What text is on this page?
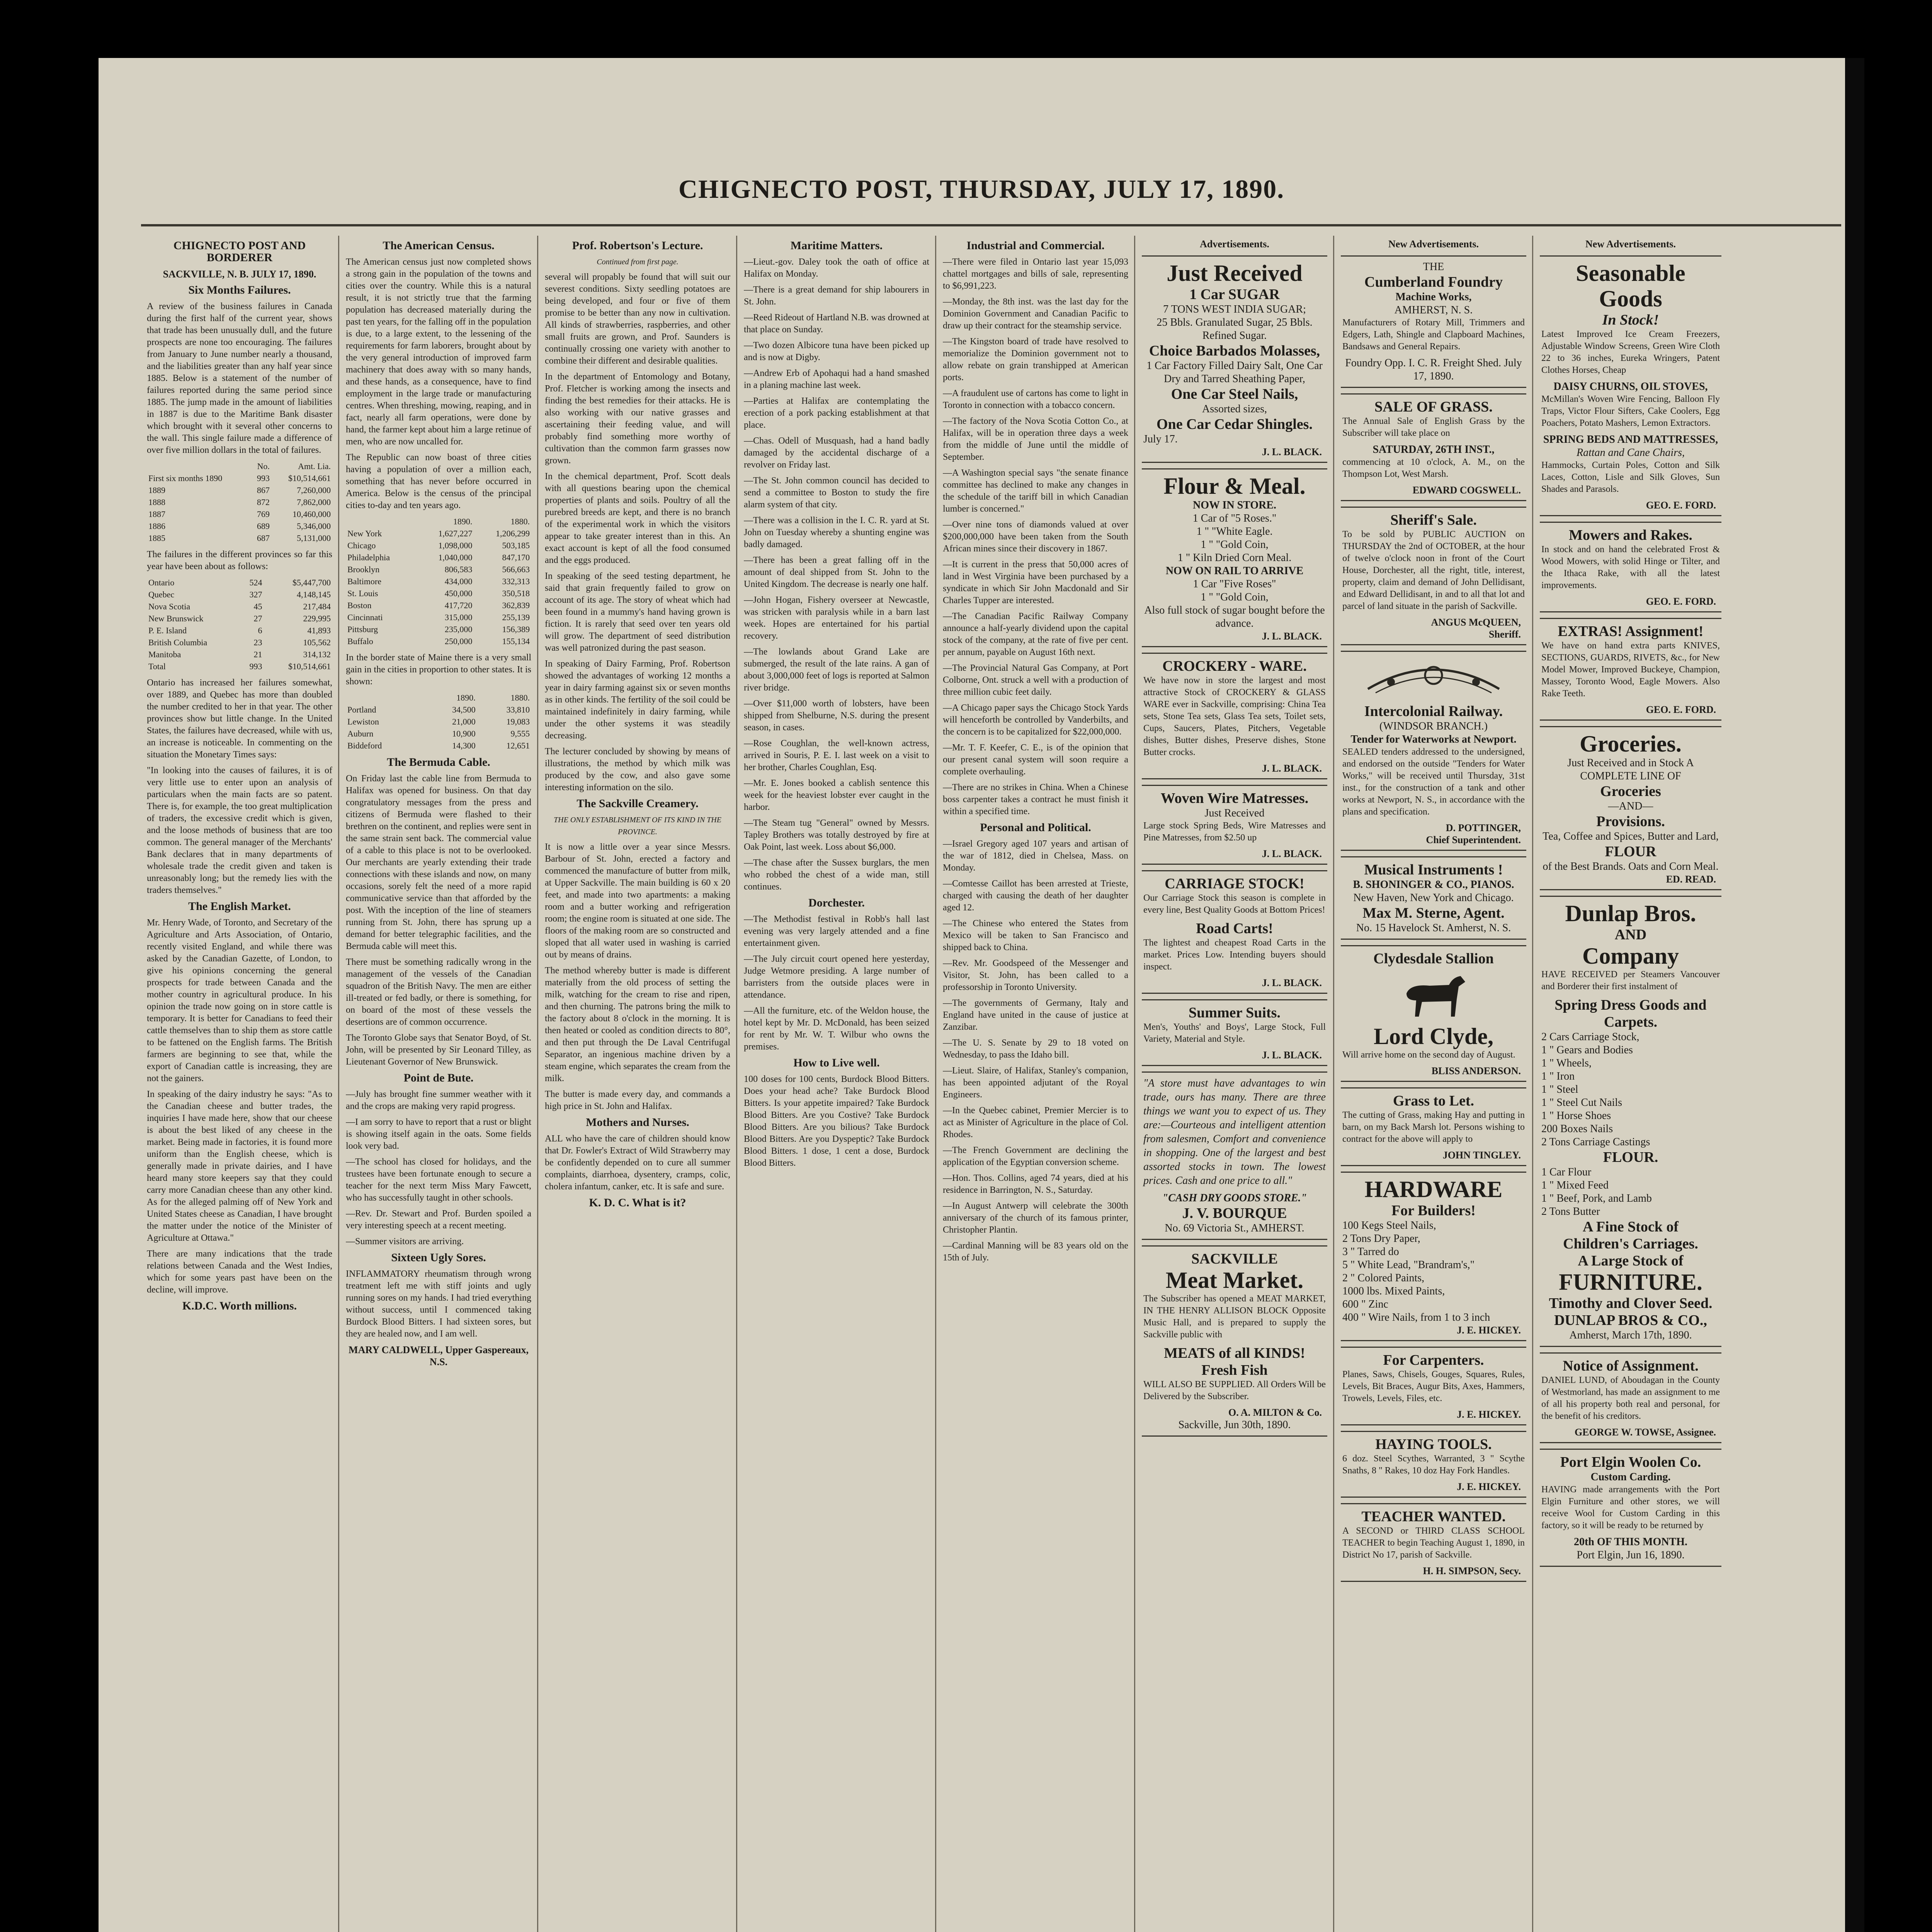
CHIGNECTO POST, THURSDAY, JULY 17, 1890.
CHIGNECTO POST AND BORDERER
SACKVILLE, N. B. JULY 17, 1890.
Six Months Failures.

A review of the business failures in Canada during the first half of the current year, shows that trade has been unusually dull, and the future prospects are none too encouraging. The failures from January to June number nearly a thousand, and the liabilities greater than any half year since 1885. Below is a statement of the number of failures reported during the same period since 1885. The jump made in the amount of liabilities in 1887 is due to the Maritime Bank disaster which brought with it several other concerns to the wall. This single failure made a difference of over five million dollars in the total of failures.

	No.	Amt. Lia.
First six months 1890	993	$10,514,661
1889	867	7,260,000
1888	872	7,862,000
1887	769	10,460,000
1886	689	5,346,000
1885	687	5,131,000

The failures in the different provinces so far this year have been about as follows:

Ontario	524	$5,447,700
Quebec	327	4,148,145
Nova Scotia	45	217,484
New Brunswick	27	229,995
P. E. Island	6	41,893
British Columbia	23	105,562
Manitoba	21	314,132
Total	993	$10,514,661

Ontario has increased her failures somewhat, over 1889, and Quebec has more than doubled the number credited to her in that year. The other provinces show but little change. In the United States, the failures have decreased, while with us, an increase is noticeable. In commenting on the situation the Monetary Times says:

"In looking into the causes of failures, it is of very little use to enter upon an analysis of particulars when the main facts are so patent. There is, for example, the too great multiplication of traders, the excessive credit which is given, and the loose methods of business that are too common. The general manager of the Merchants' Bank declares that in many departments of wholesale trade the credit given and taken is unreasonably long; but the remedy lies with the traders themselves."

The English Market.

Mr. Henry Wade, of Toronto, and Secretary of the Agriculture and Arts Association, of Ontario, recently visited England, and while there was asked by the Canadian Gazette, of London, to give his opinions concerning the general prospects for trade between Canada and the mother country in agricultural produce. In his opinion the trade now going on in store cattle is temporary. It is better for Canadians to feed their cattle themselves than to ship them as store cattle to be fattened on the English farms. The British farmers are beginning to see that, while the export of Canadian cattle is increasing, they are not the gainers.

In speaking of the dairy industry he says: "As to the Canadian cheese and butter trades, the inquiries I have made here, show that our cheese is about the best liked of any cheese in the market. Being made in factories, it is found more uniform than the English cheese, which is generally made in private dairies, and I have heard many store keepers say that they could carry more Canadian cheese than any other kind. As for the alleged palming off of New York and United States cheese as Canadian, I have brought the matter under the notice of the Minister of Agriculture at Ottawa."

There are many indications that the trade relations between Canada and the West Indies, which for some years past have been on the decline, will improve.

K.D.C. Worth millions.
The American Census.

The American census just now completed shows a strong gain in the population of the towns and cities over the country. While this is a natural result, it is not strictly true that the farming population has decreased materially during the past ten years, for the falling off in the population is due, to a large extent, to the lessening of the requirements for farm laborers, brought about by the very general introduction of improved farm machinery that does away with so many hands, and these hands, as a consequence, have to find employment in the large trade or manufacturing centres. When threshing, mowing, reaping, and in fact, nearly all farm operations, were done by hand, the farmer kept about him a large retinue of men, who are now uncalled for.

The Republic can now boast of three cities having a population of over a million each, something that has never before occurred in America. Below is the census of the principal cities to-day and ten years ago.

	1890.	1880.
New York	1,627,227	1,206,299
Chicago	1,098,000	503,185
Philadelphia	1,040,000	847,170
Brooklyn	806,583	566,663
Baltimore	434,000	332,313
St. Louis	450,000	350,518
Boston	417,720	362,839
Cincinnati	315,000	255,139
Pittsburg	235,000	156,389
Buffalo	250,000	155,134

In the border state of Maine there is a very small gain in the cities in proportion to other states. It is shown:

	1890.	1880.
Portland	34,500	33,810
Lewiston	21,000	19,083
Auburn	10,900	9,555
Biddeford	14,300	12,651
The Bermuda Cable.

On Friday last the cable line from Bermuda to Halifax was opened for business. On that day congratulatory messages from the press and citizens of Bermuda were flashed to their brethren on the continent, and replies were sent in the same strain sent back. The commercial value of a cable to this place is not to be overlooked. Our merchants are yearly extending their trade connections with these islands and now, on many occasions, sorely felt the need of a more rapid communicative service than that afforded by the post. With the inception of the line of steamers running from St. John, there has sprung up a demand for better telegraphic facilities, and the Bermuda cable will meet this.

There must be something radically wrong in the management of the vessels of the Canadian squadron of the British Navy. The men are either ill-treated or fed badly, or there is something, for on board of the most of these vessels the desertions are of common occurrence.

The Toronto Globe says that Senator Boyd, of St. John, will be presented by Sir Leonard Tilley, as Lieutenant Governor of New Brunswick.

Point de Bute.

—July has brought fine summer weather with it and the crops are making very rapid progress.

—I am sorry to have to report that a rust or blight is showing itself again in the oats. Some fields look very bad.

—The school has closed for holidays, and the trustees have been fortunate enough to secure a teacher for the next term Miss Mary Fawcett, who has successfully taught in other schools.

—Rev. Dr. Stewart and Prof. Burden spoiled a very interesting speech at a recent meeting.

—Summer visitors are arriving.

Sixteen Ugly Sores.

INFLAMMATORY rheumatism through wrong treatment left me with stiff joints and ugly running sores on my hands. I had tried everything without success, until I commenced taking Burdock Blood Bitters. I had sixteen sores, but they are healed now, and I am well.

MARY CALDWELL, Upper Gaspereaux, N.S.
Prof. Robertson's Lecture.
Continued from first page.

several will propably be found that will suit our severest conditions. Sixty seedling potatoes are being developed, and four or five of them promise to be better than any now in cultivation. All kinds of strawberries, raspberries, and other small fruits are grown, and Prof. Saunders is continually crossing one variety with another to combine their different and desirable qualities.

In the department of Entomology and Botany, Prof. Fletcher is working among the insects and finding the best remedies for their attacks. He is also working with our native grasses and ascertaining their feeding value, and will probably find something more worthy of cultivation than the common farm grasses now grown.

In the chemical department, Prof. Scott deals with all questions bearing upon the chemical properties of plants and soils. Poultry of all the purebred breeds are kept, and there is no branch of the experimental work in which the visitors appear to take greater interest than in this. An exact account is kept of all the food consumed and the eggs produced.

In speaking of the seed testing department, he said that grain frequently failed to grow on account of its age. The story of wheat which had been found in a mummy's hand having grown is fiction. It is rarely that seed over ten years old will grow. The department of seed distribution was well patronized during the past season.

In speaking of Dairy Farming, Prof. Robertson showed the advantages of working 12 months a year in dairy farming against six or seven months as in other kinds. The fertility of the soil could be maintained indefinitely in dairy farming, while under the other systems it was steadily decreasing.

The lecturer concluded by showing by means of illustrations, the method by which milk was produced by the cow, and also gave some interesting information on the silo.

The Sackville Creamery.
THE ONLY ESTABLISHMENT OF ITS KIND IN THE PROVINCE.

It is now a little over a year since Messrs. Barbour of St. John, erected a factory and commenced the manufacture of butter from milk, at Upper Sackville. The main building is 60 x 20 feet, and made into two apartments: a making room and a butter working and refrigeration room; the engine room is situated at one side. The floors of the making room are so constructed and sloped that all water used in washing is carried out by means of drains.

The method whereby butter is made is different materially from the old process of setting the milk, watching for the cream to rise and ripen, and then churning. The patrons bring the milk to the factory about 8 o'clock in the morning. It is then heated or cooled as condition directs to 80°, and then put through the De Laval Centrifugal Separator, an ingenious machine driven by a steam engine, which separates the cream from the milk.

The butter is made every day, and commands a high price in St. John and Halifax.

Mothers and Nurses.

ALL who have the care of children should know that Dr. Fowler's Extract of Wild Strawberry may be confidently depended on to cure all summer complaints, diarrhoea, dysentery, cramps, colic, cholera infantum, canker, etc. It is safe and sure.

K. D. C. What is it?
Maritime Matters.

—Lieut.-gov. Daley took the oath of office at Halifax on Monday.

—There is a great demand for ship labourers in St. John.

—Reed Rideout of Hartland N.B. was drowned at that place on Sunday.

—Two dozen Albicore tuna have been picked up and is now at Digby.

—Andrew Erb of Apohaqui had a hand smashed in a planing machine last week.

—Parties at Halifax are contemplating the erection of a pork packing establishment at that place.

—Chas. Odell of Musquash, had a hand badly damaged by the accidental discharge of a revolver on Friday last.

—The St. John common council has decided to send a committee to Boston to study the fire alarm system of that city.

—There was a collision in the I. C. R. yard at St. John on Tuesday whereby a shunting engine was badly damaged.

—There has been a great falling off in the amount of deal shipped from St. John to the United Kingdom. The decrease is nearly one half.

—John Hogan, Fishery overseer at Newcastle, was stricken with paralysis while in a barn last week. Hopes are entertained for his partial recovery.

—The lowlands about Grand Lake are submerged, the result of the late rains. A gan of about 3,000,000 feet of logs is reported at Salmon river bridge.

—Over $11,000 worth of lobsters, have been shipped from Shelburne, N.S. during the present season, in cases.

—Rose Coughlan, the well-known actress, arrived in Souris, P. E. I. last week on a visit to her brother, Charles Coughlan, Esq.

—Mr. E. Jones booked a cablish sentence this week for the heaviest lobster ever caught in the harbor.

—The Steam tug "General" owned by Messrs. Tapley Brothers was totally destroyed by fire at Oak Point, last week. Loss about $6,000.

—The chase after the Sussex burglars, the men who robbed the chest of a wide man, still continues.

Dorchester.

—The Methodist festival in Robb's hall last evening was very largely attended and a fine entertainment given.

—The July circuit court opened here yesterday, Judge Wetmore presiding. A large number of barristers from the outside places were in attendance.

—All the furniture, etc. of the Weldon house, the hotel kept by Mr. D. McDonald, has been seized for rent by Mr. W. T. Wilbur who owns the premises.

How to Live well.

100 doses for 100 cents, Burdock Blood Bitters. Does your head ache? Take Burdock Blood Bitters. Is your appetite impaired? Take Burdock Blood Bitters. Are you Costive? Take Burdock Blood Bitters. Are you bilious? Take Burdock Blood Bitters. Are you Dyspeptic? Take Burdock Blood Bitters. 1 dose, 1 cent a dose, Burdock Blood Bitters.

Industrial and Commercial.

—There were filed in Ontario last year 15,093 chattel mortgages and bills of sale, representing to $6,991,223.

—Monday, the 8th inst. was the last day for the Dominion Government and Canadian Pacific to draw up their contract for the steamship service.

—The Kingston board of trade have resolved to memorialize the Dominion government not to allow rebate on grain transhipped at American ports.

—A fraudulent use of cartons has come to light in Toronto in connection with a tobacco concern.

—The factory of the Nova Scotia Cotton Co., at Halifax, will be in operation three days a week from the middle of June until the middle of September.

—A Washington special says "the senate finance committee has declined to make any changes in the schedule of the tariff bill in which Canadian lumber is concerned."

—Over nine tons of diamonds valued at over $200,000,000 have been taken from the South African mines since their discovery in 1867.

—It is current in the press that 50,000 acres of land in West Virginia have been purchased by a syndicate in which Sir John Macdonald and Sir Charles Tupper are interested.

—The Canadian Pacific Railway Company announce a half-yearly dividend upon the capital stock of the company, at the rate of five per cent. per annum, payable on August 16th next.

—The Provincial Natural Gas Company, at Port Colborne, Ont. struck a well with a production of three million cubic feet daily.

—A Chicago paper says the Chicago Stock Yards will henceforth be controlled by Vanderbilts, and the concern is to be capitalized for $22,000,000.

—Mr. T. F. Keefer, C. E., is of the opinion that our present canal system will soon require a complete overhauling.

—There are no strikes in China. When a Chinese boss carpenter takes a contract he must finish it within a specified time.

Personal and Political.

—Israel Gregory aged 107 years and artisan of the war of 1812, died in Chelsea, Mass. on Monday.

—Comtesse Caillot has been arrested at Trieste, charged with causing the death of her daughter aged 12.

—The Chinese who entered the States from Mexico will be taken to San Francisco and shipped back to China.

—Rev. Mr. Goodspeed of the Messenger and Visitor, St. John, has been called to a professorship in Toronto University.

—The governments of Germany, Italy and England have united in the cause of justice at Zanzibar.

—The U. S. Senate by 29 to 18 voted on Wednesday, to pass the Idaho bill.

—Lieut. Slaire, of Halifax, Stanley's companion, has been appointed adjutant of the Royal Engineers.

—In the Quebec cabinet, Premier Mercier is to act as Minister of Agriculture in the place of Col. Rhodes.

—The French Government are declining the application of the Egyptian conversion scheme.

—Hon. Thos. Collins, aged 74 years, died at his residence in Barrington, N. S., Saturday.

—In August Antwerp will celebrate the 300th anniversary of the church of its famous printer, Christopher Plantin.

—Cardinal Manning will be 83 years old on the 15th of July.

Advertisements.
Just Received
1 Car SUGAR
7 TONS WEST INDIA SUGAR;
25 Bbls. Granulated Sugar, 25 Bbls. Refined Sugar.
Choice Barbados Molasses,
1 Car Factory Filled Dairy Salt, One Car Dry and Tarred Sheathing Paper,
One Car Steel Nails,
Assorted sizes,
One Car Cedar Shingles.
July 17.
J. L. BLACK.
Flour & Meal.
NOW IN STORE.
1 Car of "5 Roses."
1 " "White Eagle.
1 " "Gold Coin,
1 " Kiln Dried Corn Meal.
NOW ON RAIL TO ARRIVE
1 Car "Five Roses"
1 " "Gold Coin,
Also full stock of sugar bought before the advance.
J. L. BLACK.
CROCKERY - WARE.

We have now in store the largest and most attractive Stock of CROCKERY & GLASS WARE ever in Sackville, comprising: China Tea sets, Stone Tea sets, Glass Tea sets, Toilet sets, Cups, Saucers, Plates, Pitchers, Vegetable dishes, Butter dishes, Preserve dishes, Stone Butter crocks.

J. L. BLACK.
Woven Wire Matresses.
Just Received

Large stock Spring Beds, Wire Matresses and Pine Matresses, from $2.50 up

J. L. BLACK.
CARRIAGE STOCK!

Our Carriage Stock this season is complete in every line, Best Quality Goods at Bottom Prices!

Road Carts!

The lightest and cheapest Road Carts in the market. Prices Low. Intending buyers should inspect.

J. L. BLACK.
Summer Suits.

Men's, Youths' and Boys', Large Stock, Full Variety, Material and Style.

J. L. BLACK.

"A store must have advantages to win trade, ours has many. There are three things we want you to expect of us. They are:—Courteous and intelligent attention from salesmen, Comfort and convenience in shopping. One of the largest and best assorted stocks in town. The lowest prices. Cash and one price to all."

"CASH DRY GOODS STORE."
J. V. BOURQUE
No. 69 Victoria St., AMHERST.
SACKVILLE
Meat Market.

The Subscriber has opened a MEAT MARKET, IN THE HENRY ALLISON BLOCK Opposite Music Hall, and is prepared to supply the Sackville public with

MEATS of all KINDS!
Fresh Fish

WILL ALSO BE SUPPLIED. All Orders Will be Delivered by the Subscriber.

O. A. MILTON & Co.
Sackville, Jun 30th, 1890.
New Advertisements.
THE
Cumberland Foundry
Machine Works,
AMHERST, N. S.

Manufacturers of Rotary Mill, Trimmers and Edgers, Lath, Shingle and Clapboard Machines, Bandsaws and General Repairs.

Foundry Opp. I. C. R. Freight Shed. July 17, 1890.
SALE OF GRASS.

The Annual Sale of English Grass by the Subscriber will take place on

SATURDAY, 26TH INST.,

commencing at 10 o'clock, A. M., on the Thompson Lot, West Marsh.

EDWARD COGSWELL.
Sheriff's Sale.

To be sold by PUBLIC AUCTION on THURSDAY the 2nd of OCTOBER, at the hour of twelve o'clock noon in front of the Court House, Dorchester, all the right, title, interest, property, claim and demand of John Dellidisant, and Edward Dellidisant, in and to all that lot and parcel of land situate in the parish of Sackville.

ANGUS McQUEEN,
Sheriff.
Intercolonial Railway.
(WINDSOR BRANCH.)
Tender for Waterworks at Newport.

SEALED tenders addressed to the undersigned, and endorsed on the outside "Tenders for Water Works," will be received until Thursday, 31st inst., for the construction of a tank and other works at Newport, N. S., in accordance with the plans and specification.

D. POTTINGER,
Chief Superintendent.
Musical Instruments !
B. SHONINGER & CO., PIANOS.
New Haven, New York and Chicago.
Max M. Sterne, Agent.
No. 15 Havelock St. Amherst, N. S.
Clydesdale Stallion
Lord Clyde,

Will arrive home on the second day of August.

BLISS ANDERSON.
Grass to Let.

The cutting of Grass, making Hay and putting in barn, on my Back Marsh lot. Persons wishing to contract for the above will apply to

JOHN TINGLEY.
HARDWARE
For Builders!
100 Kegs Steel Nails,
2 Tons Dry Paper,
3 " Tarred do
5 " White Lead, "Brandram's,"
2 " Colored Paints,
1000 lbs. Mixed Paints,
600 " Zinc
400 " Wire Nails, from 1 to 3 inch
J. E. HICKEY.
For Carpenters.

Planes, Saws, Chisels, Gouges, Squares, Rules, Levels, Bit Braces, Augur Bits, Axes, Hammers, Trowels, Levels, Files, etc.

J. E. HICKEY.
HAYING TOOLS.

6 doz. Steel Scythes, Warranted, 3 " Scythe Snaths, 8 " Rakes, 10 doz Hay Fork Handles.

J. E. HICKEY.
TEACHER WANTED.

A SECOND or THIRD CLASS SCHOOL TEACHER to begin Teaching August 1, 1890, in District No 17, parish of Sackville.

H. H. SIMPSON, Secy.
New Advertisements.
Seasonable
Goods
In Stock!

Latest Improved Ice Cream Freezers, Adjustable Window Screens, Green Wire Cloth 22 to 36 inches, Eureka Wringers, Patent Clothes Horses, Cheap

DAISY CHURNS, OIL STOVES,

McMillan's Woven Wire Fencing, Balloon Fly Traps, Victor Flour Sifters, Cake Coolers, Egg Poachers, Potato Mashers, Lemon Extractors.

SPRING BEDS AND MATTRESSES,
Rattan and Cane Chairs,

Hammocks, Curtain Poles, Cotton and Silk Laces, Cotton, Lisle and Silk Gloves, Sun Shades and Parasols.

GEO. E. FORD.
Mowers and Rakes.

In stock and on hand the celebrated Frost & Wood Mowers, with solid Hinge or Tilter, and the Ithaca Rake, with all the latest improvements.

GEO. E. FORD.
EXTRAS! Assignment!

We have on hand extra parts KNIVES, SECTIONS, GUARDS, RIVETS, &c., for New Model Mower, Improved Buckeye, Champion, Massey, Toronto Wood, Eagle Mowers. Also Rake Teeth.

GEO. E. FORD.
Groceries.
Just Received and in Stock A COMPLETE LINE OF
Groceries
—AND—
Provisions.
Tea, Coffee and Spices, Butter and Lard,
FLOUR
of the Best Brands. Oats and Corn Meal.
ED. READ.
Dunlap Bros.
AND
Company

HAVE RECEIVED per Steamers Vancouver and Borderer their first instalment of

Spring Dress Goods and Carpets.
2 Cars Carriage Stock,
1 " Gears and Bodies
1 " Wheels,
1 " Iron
1 " Steel
1 " Steel Cut Nails
1 " Horse Shoes
200 Boxes Nails
2 Tons Carriage Castings
FLOUR.
1 Car Flour
1 " Mixed Feed
1 " Beef, Pork, and Lamb
2 Tons Butter
A Fine Stock of
Children's Carriages.
A Large Stock of
FURNITURE.
Timothy and Clover Seed.
DUNLAP BROS & CO.,
Amherst, March 17th, 1890.
Notice of Assignment.

DANIEL LUND, of Aboudagan in the County of Westmorland, has made an assignment to me of all his property both real and personal, for the benefit of his creditors.

GEORGE W. TOWSE, Assignee.
Port Elgin Woolen Co.
Custom Carding.

HAVING made arrangements with the Port Elgin Furniture and other stores, we will receive Wool for Custom Carding in this factory, so it will be ready to be returned by

20th OF THIS MONTH.
Port Elgin, Jun 16, 1890.
